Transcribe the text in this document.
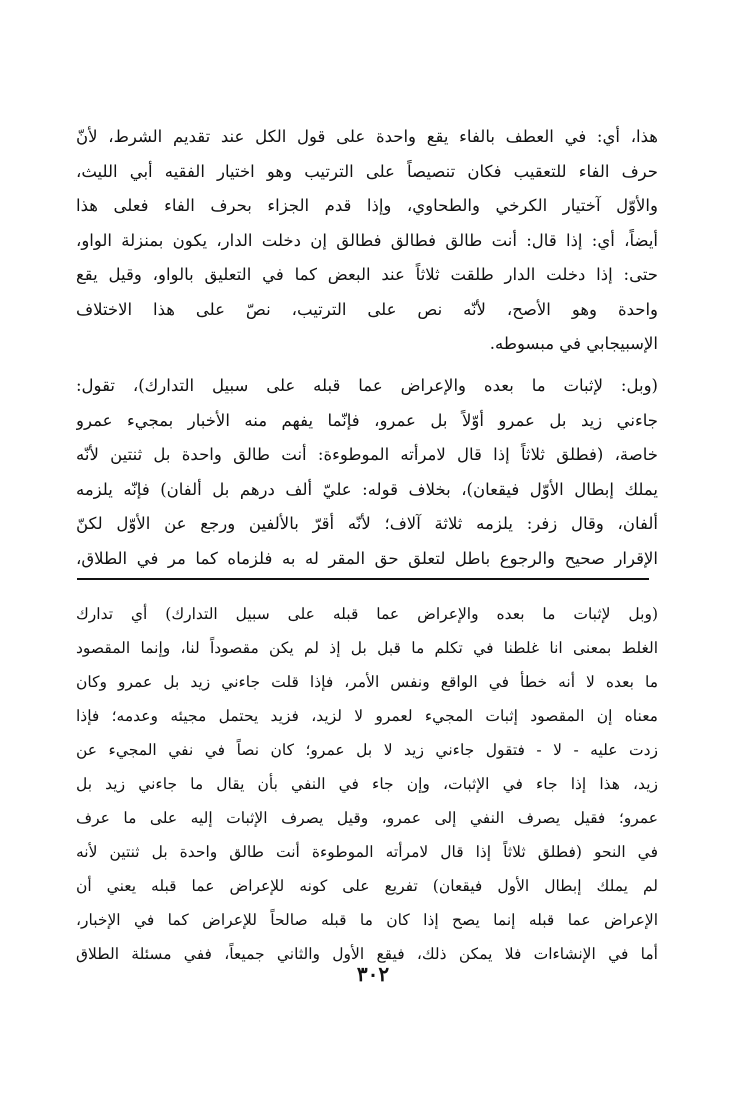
هذا، أي: في العطف بالفاء يقع واحدة على قول الكل عند تقديم الشرط، لأنّ
حرف الفاء للتعقيب فكان تنصيصاً على الترتيب وهو اختيار الفقيه أبي الليث،
والأوّل آختيار الكرخي والطحاوي، وإذا قدم الجزاء بحرف الفاء فعلى هذا
أيضاً، أي: إذا قال: أنت طالق فطالق فطالق إن دخلت الدار، يكون بمنزلة الواو،
حتى: إذا دخلت الدار طلقت ثلاثاً عند البعض كما في التعليق بالواو، وقيل يقع
واحدة وهو الأصح، لأنّه نص على الترتيب، نصّ على هذا الاختلاف
الإسبيجابي في مبسوطه.
(وبل: لإثبات ما بعده والإعراض عما قبله على سبيل التدارك)، تقول:
جاءني زيد بل عمرو أوّلاً بل عمرو، فإنّما يفهم منه الأخبار بمجيء عمرو
خاصة، (فطلق ثلاثاً إذا قال لامرأته الموطوءة: أنت طالق واحدة بل ثنتين لأنّه
يملك إبطال الأوّل فيقعان)، بخلاف قوله: عليّ ألف درهم بل ألفان) فإنّه يلزمه
ألفان، وقال زفر: يلزمه ثلاثة آلاف؛ لأنّه أقرّ بالألفين ورجع عن الأوّل لكنّ
الإقرار صحيح والرجوع باطل لتعلق حق المقر له به فلزماه كما مر في الطلاق،
(وبل لإثبات ما بعده والإعراض عما قبله على سبيل التدارك) أي تدارك
الغلط بمعنى انا غلطنا في تكلم ما قبل بل إذ لم يكن مقصوداً لنا، وإنما المقصود
ما بعده لا أنه خطأ في الواقع ونفس الأمر، فإذا قلت جاءني زيد بل عمرو وكان
معناه إن المقصود إثبات المجيء لعمرو لا لزيد، فزيد يحتمل مجيئه وعدمه؛ فإذا
زدت عليه - لا - فتقول جاءني زيد لا بل عمرو؛ كان نصاً في نفي المجيء عن
زيد، هذا إذا جاء في الإثبات، وإن جاء في النفي بأن يقال ما جاءني زيد بل
عمرو؛ فقيل يصرف النفي إلى عمرو، وقيل يصرف الإثبات إليه على ما عرف
في النحو (فطلق ثلاثاً إذا قال لامرأته الموطوءة أنت طالق واحدة بل ثنتين لأنه
لم يملك إبطال الأول فيقعان) تفريع على كونه للإعراض عما قبله يعني أن
الإعراض عما قبله إنما يصح إذا كان ما قبله صالحاً للإعراض كما في الإخبار،
أما في الإنشاءات فلا يمكن ذلك، فيقع الأول والثاني جميعاً، ففي مسئلة الطلاق
٣٠٢
